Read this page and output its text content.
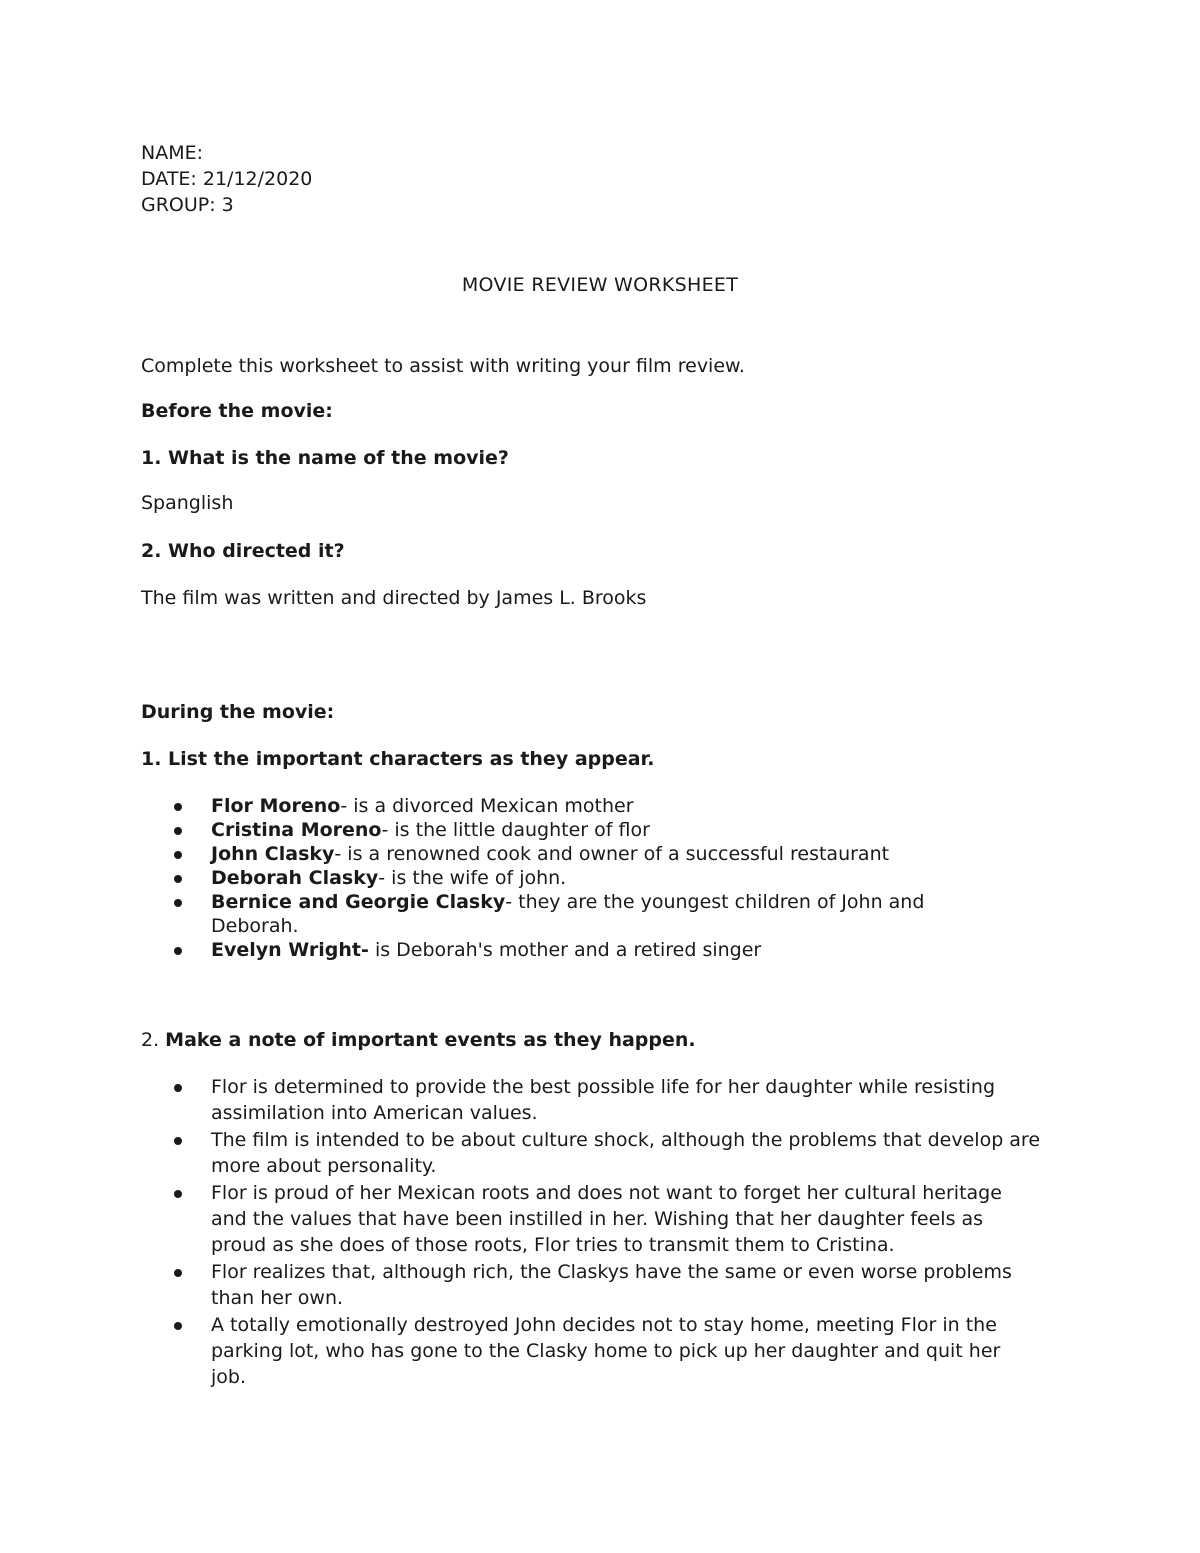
NAME:
DATE: 21/12/2020
GROUP: 3
MOVIE REVIEW WORKSHEET
Complete this worksheet to assist with writing your film review.
Before the movie:
1. What is the name of the movie?
Spanglish
2. Who directed it?
The film was written and directed by James L. Brooks
During the movie:
1. List the important characters as they appear.
Flor Moreno- is a divorced Mexican mother
Cristina Moreno- is the little daughter of flor
John Clasky- is a renowned cook and owner of a successful restaurant
Deborah Clasky- is the wife of john.
Bernice and Georgie Clasky- they are the youngest children of John and Deborah.
Evelyn Wright- is Deborah's mother and a retired singer
2. Make a note of important events as they happen.
Flor is determined to provide the best possible life for her daughter while resisting assimilation into American values.
The film is intended to be about culture shock, although the problems that develop are more about personality.
Flor is proud of her Mexican roots and does not want to forget her cultural heritage and the values that have been instilled in her. Wishing that her daughter feels as proud as she does of those roots, Flor tries to transmit them to Cristina.
Flor realizes that, although rich, the Claskys have the same or even worse problems than her own.
A totally emotionally destroyed John decides not to stay home, meeting Flor in the parking lot, who has gone to the Clasky home to pick up her daughter and quit her job.
